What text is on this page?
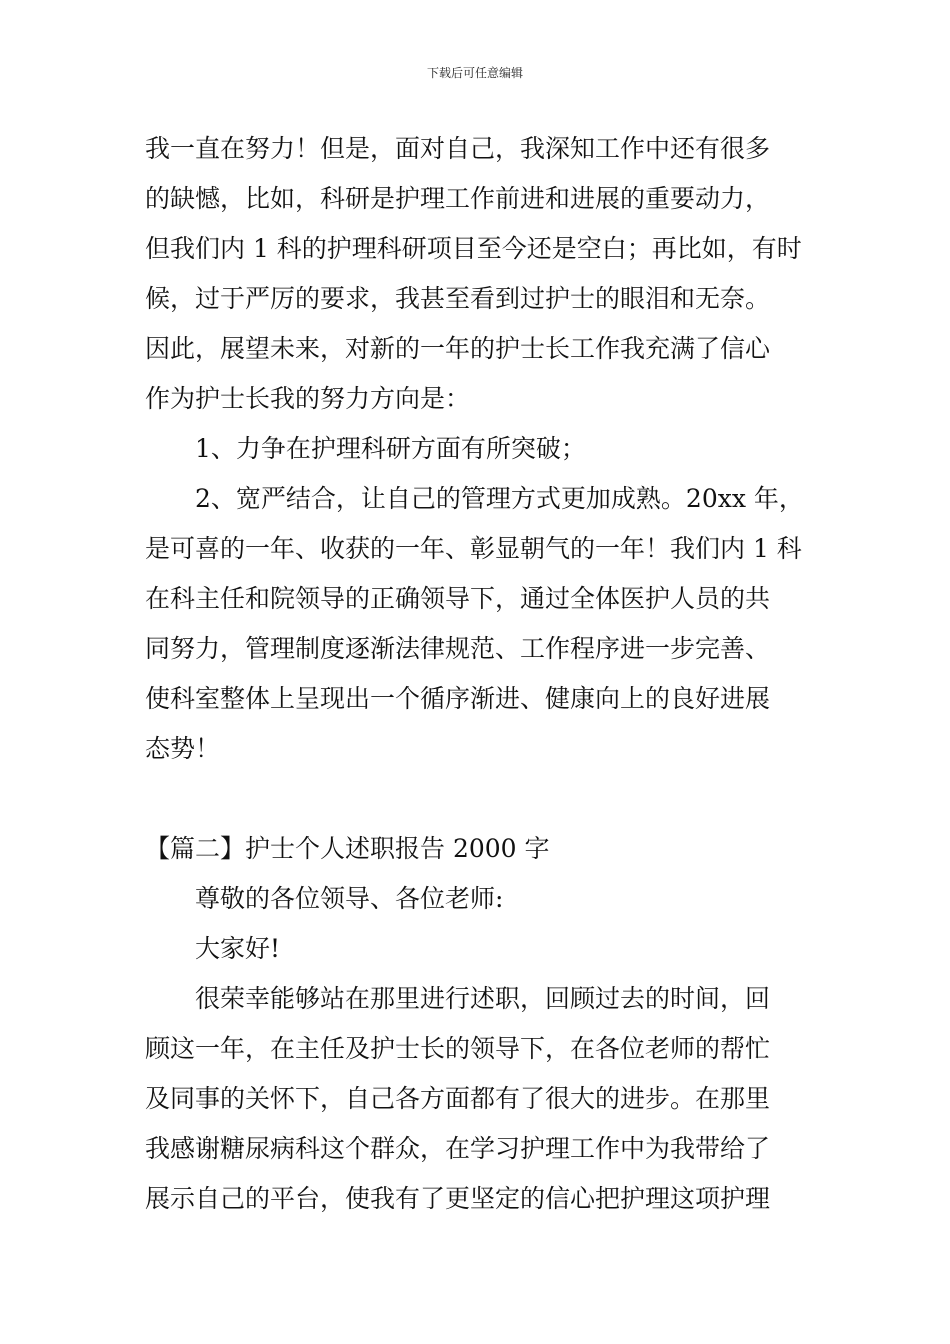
下载后可任意编辑
我一直在努力！但是，面对自己，我深知工作中还有很多
的缺憾，比如，科研是护理工作前进和进展的重要动力，
但我们内 1 科的护理科研项目至今还是空白；再比如，有时
候，过于严厉的要求，我甚至看到过护士的眼泪和无奈。
因此，展望未来，对新的一年的护士长工作我充满了信心
作为护士长我的努力方向是：
1、力争在护理科研方面有所突破；
2、宽严结合，让自己的管理方式更加成熟。20xx 年，
是可喜的一年、收获的一年、彰显朝气的一年！我们内 1 科
在科主任和院领导的正确领导下，通过全体医护人员的共
同努力，管理制度逐渐法律规范、工作程序进一步完善、
使科室整体上呈现出一个循序渐进、健康向上的良好进展
态势！
【篇二】护士个人述职报告 2000 字
尊敬的各位领导、各位老师:
大家好!
很荣幸能够站在那里进行述职，回顾过去的时间，回
顾这一年，在主任及护士长的领导下，在各位老师的帮忙
及同事的关怀下，自己各方面都有了很大的进步。在那里
我感谢糖尿病科这个群众，在学习护理工作中为我带给了
展示自己的平台，使我有了更坚定的信心把护理这项护理
